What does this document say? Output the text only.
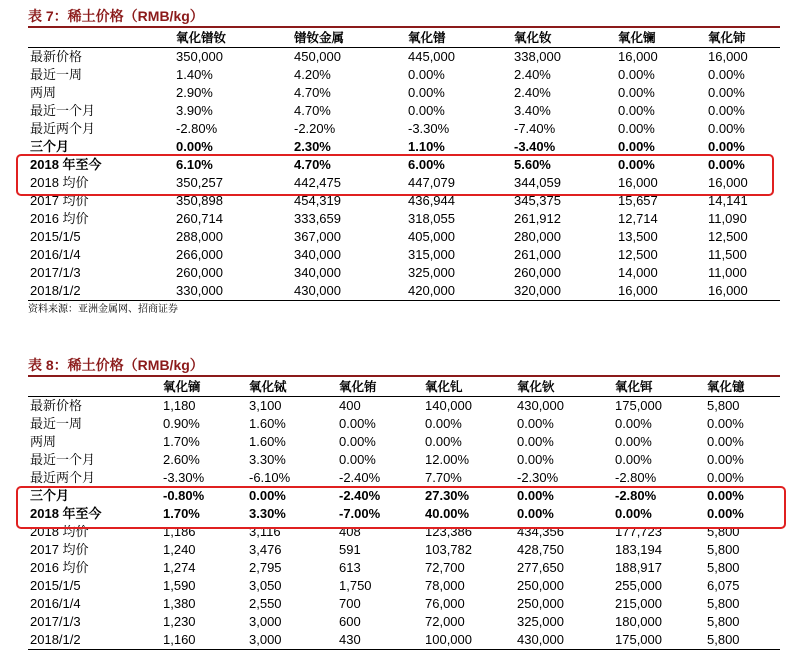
表 7：稀土价格（RMB/kg）
	氧化镨钕	镨钕金属	氧化镨	氧化钕	氧化镧	氧化铈
最新价格	350,000	450,000	445,000	338,000	16,000	16,000
最近一周	1.40%	4.20%	0.00%	2.40%	0.00%	0.00%
两周	2.90%	4.70%	0.00%	2.40%	0.00%	0.00%
最近一个月	3.90%	4.70%	0.00%	3.40%	0.00%	0.00%
最近两个月	-2.80%	-2.20%	-3.30%	-7.40%	0.00%	0.00%
三个月	0.00%	2.30%	1.10%	-3.40%	0.00%	0.00%
2018 年至今	6.10%	4.70%	6.00%	5.60%	0.00%	0.00%
2018 均价	350,257	442,475	447,079	344,059	16,000	16,000
2017 均价	350,898	454,319	436,944	345,375	15,657	14,141
2016 均价	260,714	333,659	318,055	261,912	12,714	11,090
2015/1/5	288,000	367,000	405,000	280,000	13,500	12,500
2016/1/4	266,000	340,000	315,000	261,000	12,500	11,500
2017/1/3	260,000	340,000	325,000	260,000	14,000	11,000
2018/1/2	330,000	430,000	420,000	320,000	16,000	16,000
资料来源：亚洲金属网、招商证券
表 8：稀土价格（RMB/kg）
	氧化镝	氧化铽	氧化铕	氧化钆	氧化钬	氧化铒	氧化镱
最新价格	1,180	3,100	400	140,000	430,000	175,000	5,800
最近一周	0.90%	1.60%	0.00%	0.00%	0.00%	0.00%	0.00%
两周	1.70%	1.60%	0.00%	0.00%	0.00%	0.00%	0.00%
最近一个月	2.60%	3.30%	0.00%	12.00%	0.00%	0.00%	0.00%
最近两个月	-3.30%	-6.10%	-2.40%	7.70%	-2.30%	-2.80%	0.00%
三个月	-0.80%	0.00%	-2.40%	27.30%	0.00%	-2.80%	0.00%
2018 年至今	1.70%	3.30%	-7.00%	40.00%	0.00%	0.00%	0.00%
2018 均价	1,186	3,116	408	123,386	434,356	177,723	5,800
2017 均价	1,240	3,476	591	103,782	428,750	183,194	5,800
2016 均价	1,274	2,795	613	72,700	277,650	188,917	5,800
2015/1/5	1,590	3,050	1,750	78,000	250,000	255,000	6,075
2016/1/4	1,380	2,550	700	76,000	250,000	215,000	5,800
2017/1/3	1,230	3,000	600	72,000	325,000	180,000	5,800
2018/1/2	1,160	3,000	430	100,000	430,000	175,000	5,800
